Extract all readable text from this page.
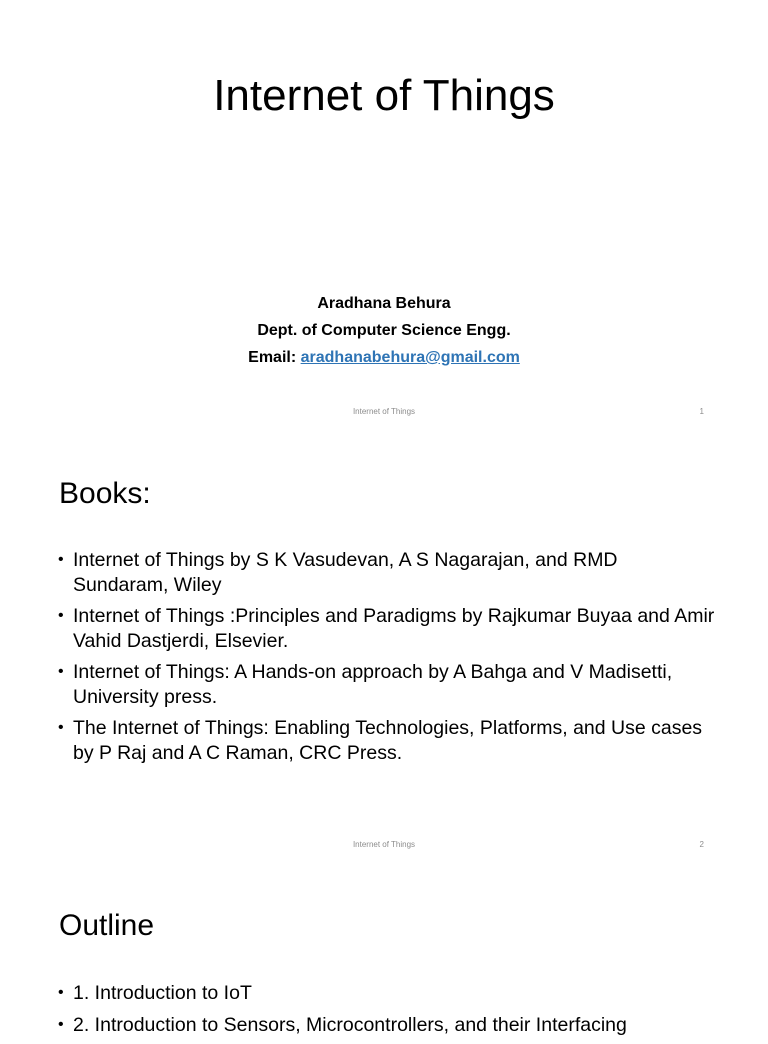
Internet of Things
Aradhana Behura
Dept. of Computer Science Engg.
Email: aradhanabehura@gmail.com
Internet of Things	1
Books:
• Internet of Things by S K Vasudevan, A S Nagarajan, and RMD Sundaram, Wiley
• Internet of Things :Principles and Paradigms by Rajkumar Buyaa and Amir Vahid Dastjerdi, Elsevier.
• Internet of Things: A Hands-on approach by A Bahga and V Madisetti, University press.
• The Internet of Things: Enabling Technologies, Platforms, and Use cases by P Raj and A C Raman, CRC Press.
Internet of Things	2
Outline
• 1. Introduction to IoT
• 2. Introduction to Sensors, Microcontrollers, and their Interfacing
